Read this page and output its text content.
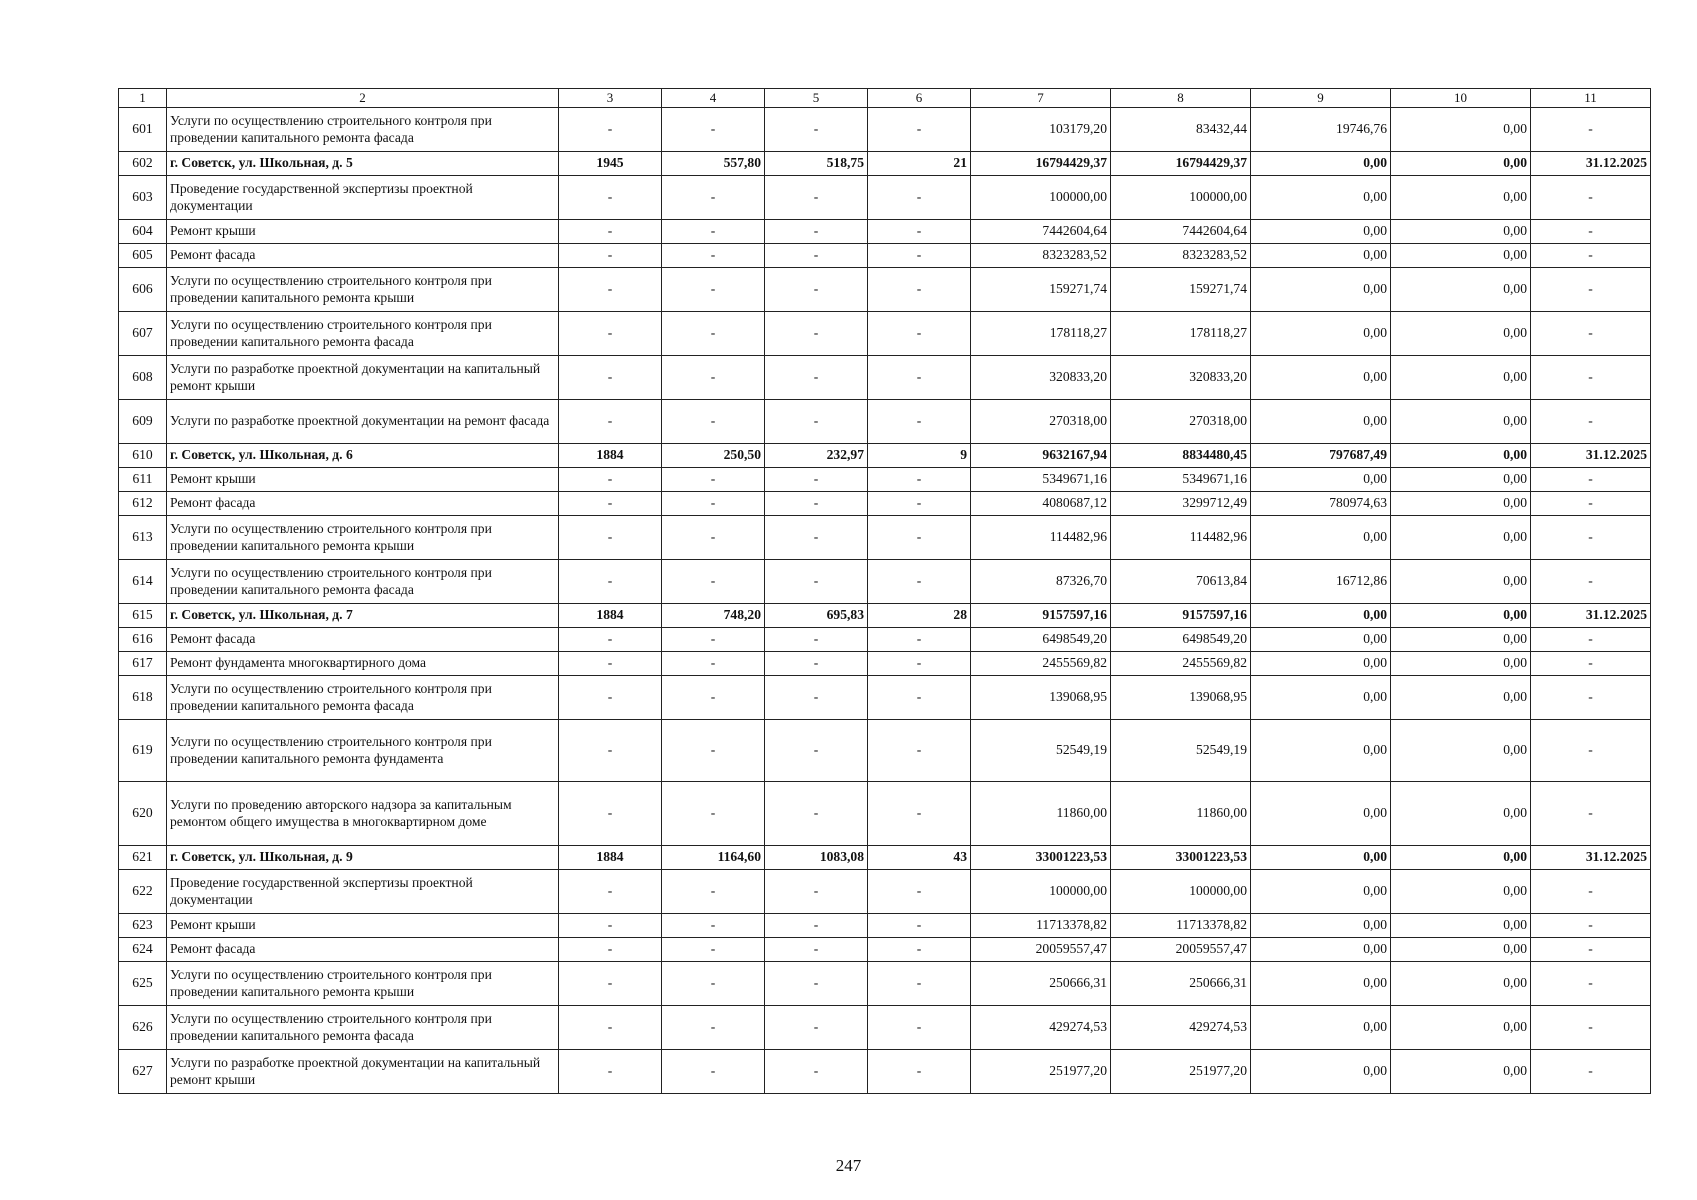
1	2	3	4	5	6	7	8	9	10	11
601	Услуги по осуществлению строительного контроля при проведении капитального ремонта фасада	-	-	-	-	103179,20	83432,44	19746,76	0,00	-
602	г. Советск, ул. Школьная, д. 5	1945	557,80	518,75	21	16794429,37	16794429,37	0,00	0,00	31.12.2025
603	Проведение государственной экспертизы проектной документации	-	-	-	-	100000,00	100000,00	0,00	0,00	-
604	Ремонт крыши	-	-	-	-	7442604,64	7442604,64	0,00	0,00	-
605	Ремонт фасада	-	-	-	-	8323283,52	8323283,52	0,00	0,00	-
606	Услуги по осуществлению строительного контроля при проведении капитального ремонта крыши	-	-	-	-	159271,74	159271,74	0,00	0,00	-
607	Услуги по осуществлению строительного контроля при проведении капитального ремонта фасада	-	-	-	-	178118,27	178118,27	0,00	0,00	-
608	Услуги по разработке проектной документации на капитальный ремонт крыши	-	-	-	-	320833,20	320833,20	0,00	0,00	-
609	Услуги по разработке проектной документации на ремонт фасада	-	-	-	-	270318,00	270318,00	0,00	0,00	-
610	г. Советск, ул. Школьная, д. 6	1884	250,50	232,97	9	9632167,94	8834480,45	797687,49	0,00	31.12.2025
611	Ремонт крыши	-	-	-	-	5349671,16	5349671,16	0,00	0,00	-
612	Ремонт фасада	-	-	-	-	4080687,12	3299712,49	780974,63	0,00	-
613	Услуги по осуществлению строительного контроля при проведении капитального ремонта крыши	-	-	-	-	114482,96	114482,96	0,00	0,00	-
614	Услуги по осуществлению строительного контроля при проведении капитального ремонта фасада	-	-	-	-	87326,70	70613,84	16712,86	0,00	-
615	г. Советск, ул. Школьная, д. 7	1884	748,20	695,83	28	9157597,16	9157597,16	0,00	0,00	31.12.2025
616	Ремонт фасада	-	-	-	-	6498549,20	6498549,20	0,00	0,00	-
617	Ремонт фундамента многоквартирного дома	-	-	-	-	2455569,82	2455569,82	0,00	0,00	-
618	Услуги по осуществлению строительного контроля при проведении капитального ремонта фасада	-	-	-	-	139068,95	139068,95	0,00	0,00	-
619	Услуги по осуществлению строительного контроля при проведении капитального ремонта фундамента	-	-	-	-	52549,19	52549,19	0,00	0,00	-
620	Услуги по проведению авторского надзора за капитальным ремонтом общего имущества в многоквартирном доме	-	-	-	-	11860,00	11860,00	0,00	0,00	-
621	г. Советск, ул. Школьная, д. 9	1884	1164,60	1083,08	43	33001223,53	33001223,53	0,00	0,00	31.12.2025
622	Проведение государственной экспертизы проектной документации	-	-	-	-	100000,00	100000,00	0,00	0,00	-
623	Ремонт крыши	-	-	-	-	11713378,82	11713378,82	0,00	0,00	-
624	Ремонт фасада	-	-	-	-	20059557,47	20059557,47	0,00	0,00	-
625	Услуги по осуществлению строительного контроля при проведении капитального ремонта крыши	-	-	-	-	250666,31	250666,31	0,00	0,00	-
626	Услуги по осуществлению строительного контроля при проведении капитального ремонта фасада	-	-	-	-	429274,53	429274,53	0,00	0,00	-
627	Услуги по разработке проектной документации на капитальный ремонт крыши	-	-	-	-	251977,20	251977,20	0,00	0,00	-
247
